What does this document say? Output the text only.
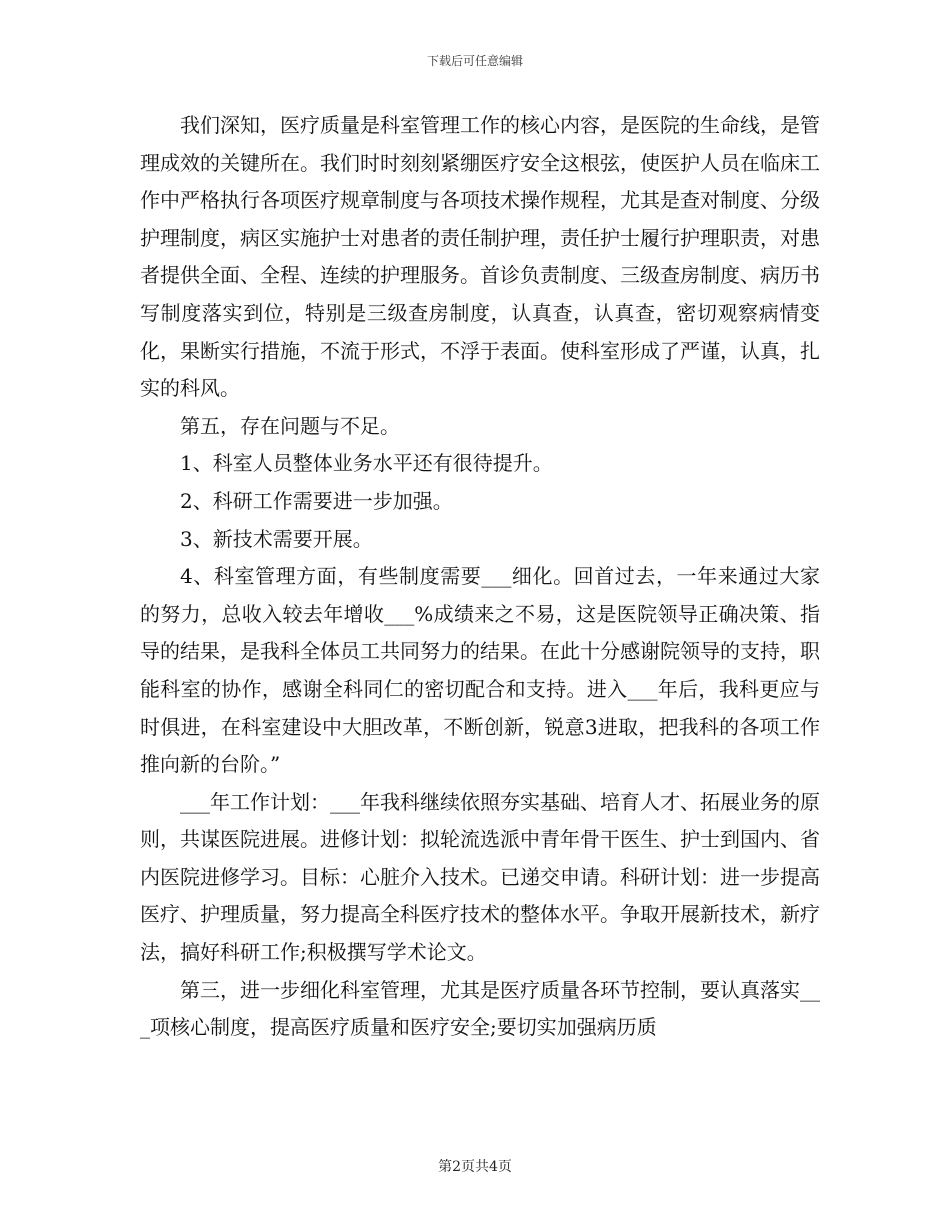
下载后可任意编辑

我们深知，医疗质量是科室管理工作的核心内容，是医院的生命线，是管理成效的关键所在。我们时时刻刻紧绷医疗安全这根弦，使医护人员在临床工作中严格执行各项医疗规章制度与各项技术操作规程，尤其是查对制度、分级护理制度，病区实施护士对患者的责任制护理，责任护士履行护理职责，对患者提供全面、全程、连续的护理服务。首诊负责制度、三级查房制度、病历书写制度落实到位，特别是三级查房制度，认真查，认真查，密切观察病情变化，果断实行措施，不流于形式，不浮于表面。使科室形成了严谨，认真，扎实的科风。

第五，存在问题与不足。

1、科室人员整体业务水平还有很待提升。

2、科研工作需要进一步加强。

3、新技术需要开展。

4、科室管理方面，有些制度需要___细化。回首过去，一年来通过大家的努力，总收入较去年增收___%成绩来之不易，这是医院领导正确决策、指导的结果，是我科全体员工共同努力的结果。在此十分感谢院领导的支持，职能科室的协作，感谢全科同仁的密切配合和支持。进入___年后，我科更应与时俱进，在科室建设中大胆改革，不断创新，锐意3进取，把我科的各项工作推向新的台阶。”

___年工作计划：___年我科继续依照夯实基础、培育人才、拓展业务的原则，共谋医院进展。进修计划：拟轮流选派中青年骨干医生、护士到国内、省内医院进修学习。目标：心脏介入技术。已递交申请。科研计划：进一步提高医疗、护理质量，努力提高全科医疗技术的整体水平。争取开展新技术，新疗法，搞好科研工作;积极撰写学术论文。

第三，进一步细化科室管理，尤其是医疗质量各环节控制，要认真落实___项核心制度，提高医疗质量和医疗安全;要切实加强病历质

第2页共4页
